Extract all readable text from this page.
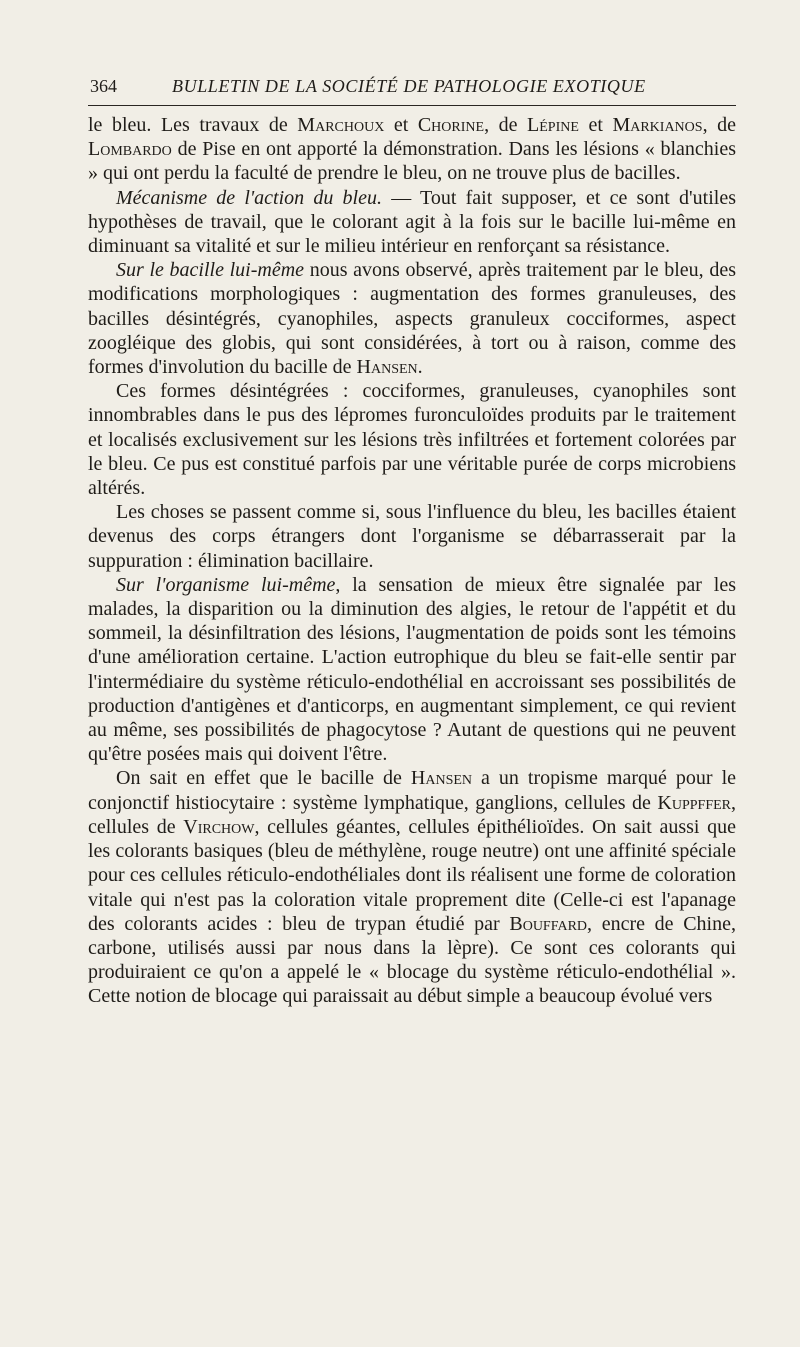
364	BULLETIN DE LA SOCIÉTÉ DE PATHOLOGIE EXOTIQUE

le bleu. Les travaux de Marchoux et Chorine, de Lépine et Markianos, de Lombardo de Pise en ont apporté la démonstration. Dans les lésions « blanchies » qui ont perdu la faculté de prendre le bleu, on ne trouve plus de bacilles.

Mécanisme de l'action du bleu. — Tout fait supposer, et ce sont d'utiles hypothèses de travail, que le colorant agit à la fois sur le bacille lui-même en diminuant sa vitalité et sur le milieu intérieur en renforçant sa résistance.

Sur le bacille lui-même nous avons observé, après traitement par le bleu, des modifications morphologiques : augmentation des formes granuleuses, des bacilles désintégrés, cyanophiles, aspects granuleux cocciformes, aspect zoogléique des globis, qui sont considérées, à tort ou à raison, comme des formes d'involution du bacille de Hansen.

Ces formes désintégrées : cocciformes, granuleuses, cyanophiles sont innombrables dans le pus des lépromes furonculoïdes produits par le traitement et localisés exclusivement sur les lésions très infiltrées et fortement colorées par le bleu. Ce pus est constitué parfois par une véritable purée de corps microbiens altérés.

Les choses se passent comme si, sous l'influence du bleu, les bacilles étaient devenus des corps étrangers dont l'organisme se débarrasserait par la suppuration : élimination bacillaire.

Sur l'organisme lui-même, la sensation de mieux être signalée par les malades, la disparition ou la diminution des algies, le retour de l'appétit et du sommeil, la désinfiltration des lésions, l'augmentation de poids sont les témoins d'une amélioration certaine. L'action eutrophique du bleu se fait-elle sentir par l'intermédiaire du système réticulo-endothélial en accroissant ses possibilités de production d'antigènes et d'anticorps, en augmentant simplement, ce qui revient au même, ses possibilités de phagocytose ? Autant de questions qui ne peuvent qu'être posées mais qui doivent l'être.

On sait en effet que le bacille de Hansen a un tropisme marqué pour le conjonctif histiocytaire : système lymphatique, ganglions, cellules de Kuppffer, cellules de Virchow, cellules géantes, cellules épithélioïdes. On sait aussi que les colorants basiques (bleu de méthylène, rouge neutre) ont une affinité spéciale pour ces cellules réticulo-endothéliales dont ils réalisent une forme de coloration vitale qui n'est pas la coloration vitale proprement dite (Celle-ci est l'apanage des colorants acides : bleu de trypan étudié par Bouffard, encre de Chine, carbone, utilisés aussi par nous dans la lèpre). Ce sont ces colorants qui produiraient ce qu'on a appelé le « blocage du système réticulo-endothélial ». Cette notion de blocage qui paraissait au début simple a beaucoup évolué vers
